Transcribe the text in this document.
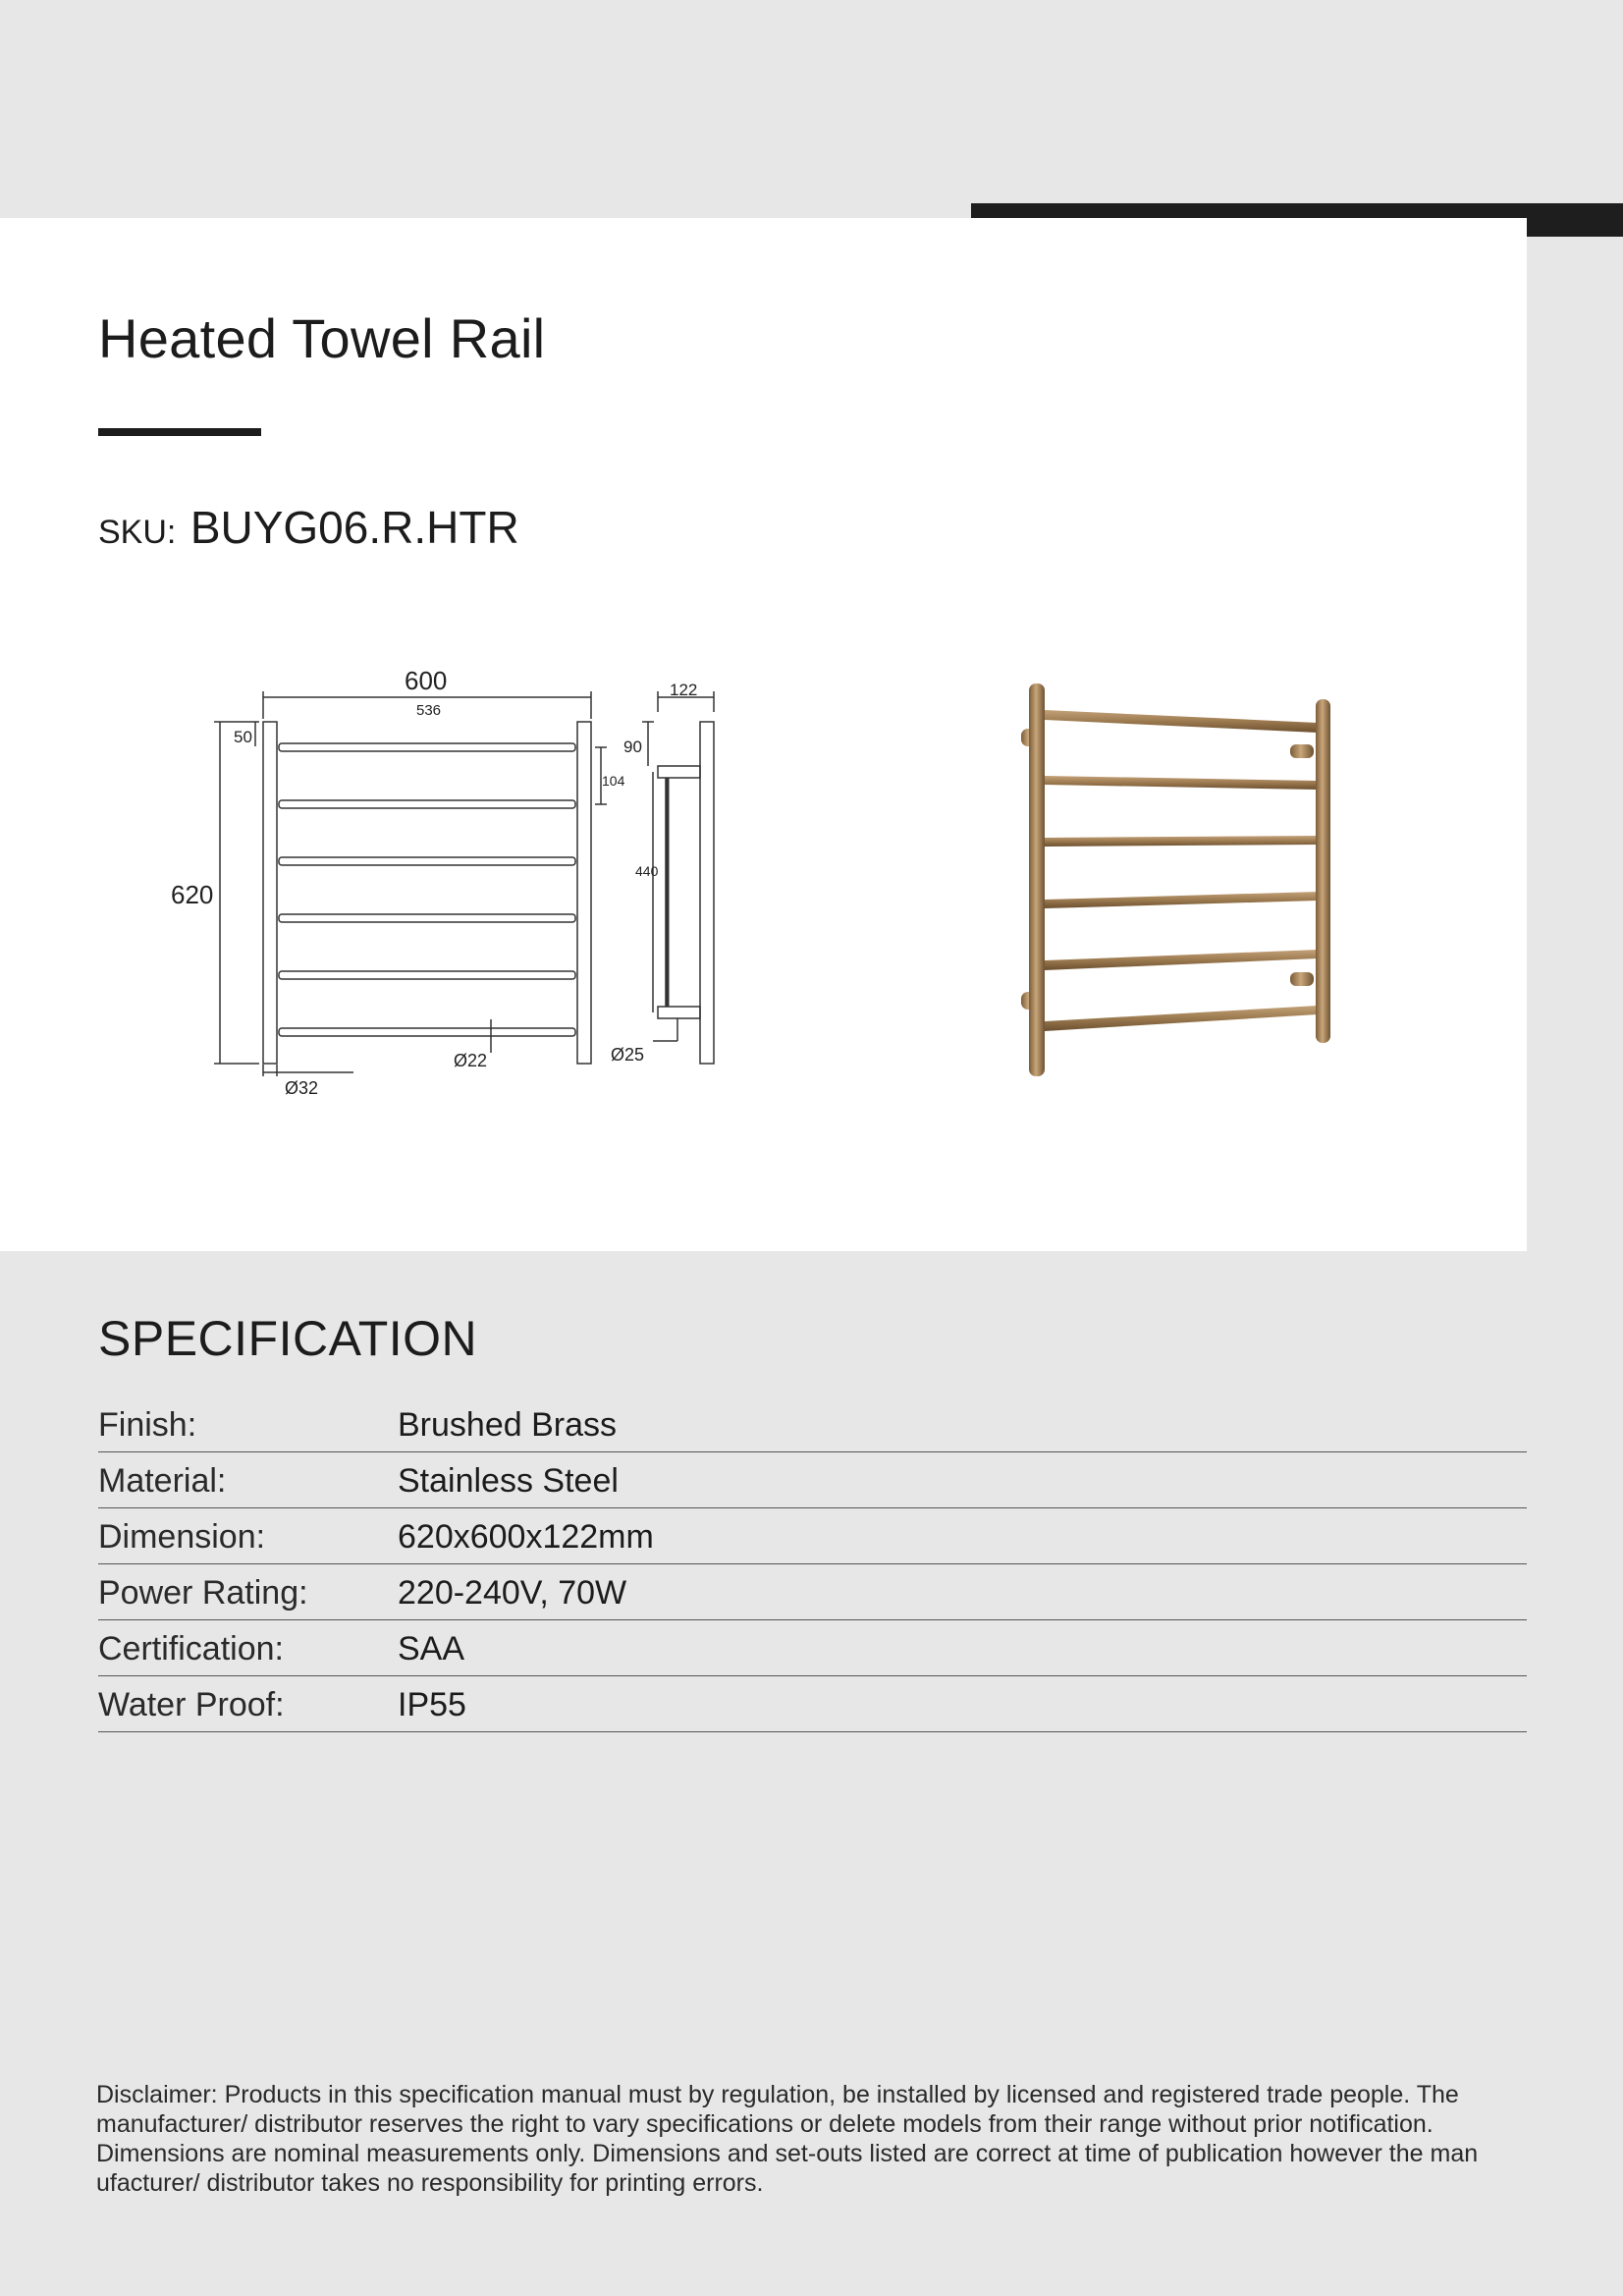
Heated Towel Rail
SKU: BUYG06.R.HTR
600
536
620
50
104
122
90
440
Ø22	Ø25
Ø32
SPECIFICATION
Finish:	Brushed Brass
Material:	Stainless Steel
Dimension:	620x600x122mm
Power Rating:	220-240V, 70W
Certification:	SAA
Water Proof:	IP55
Disclaimer: Products in this specification manual must by regulation, be installed by licensed and registered trade people. The manufacturer/ distributor reserves the right to vary specifications or delete models from their range without prior notification. Dimensions are nominal measurements only. Dimensions and set-outs listed are correct at time of publication however the man ufacturer/ distributor takes no responsibility for printing errors.
